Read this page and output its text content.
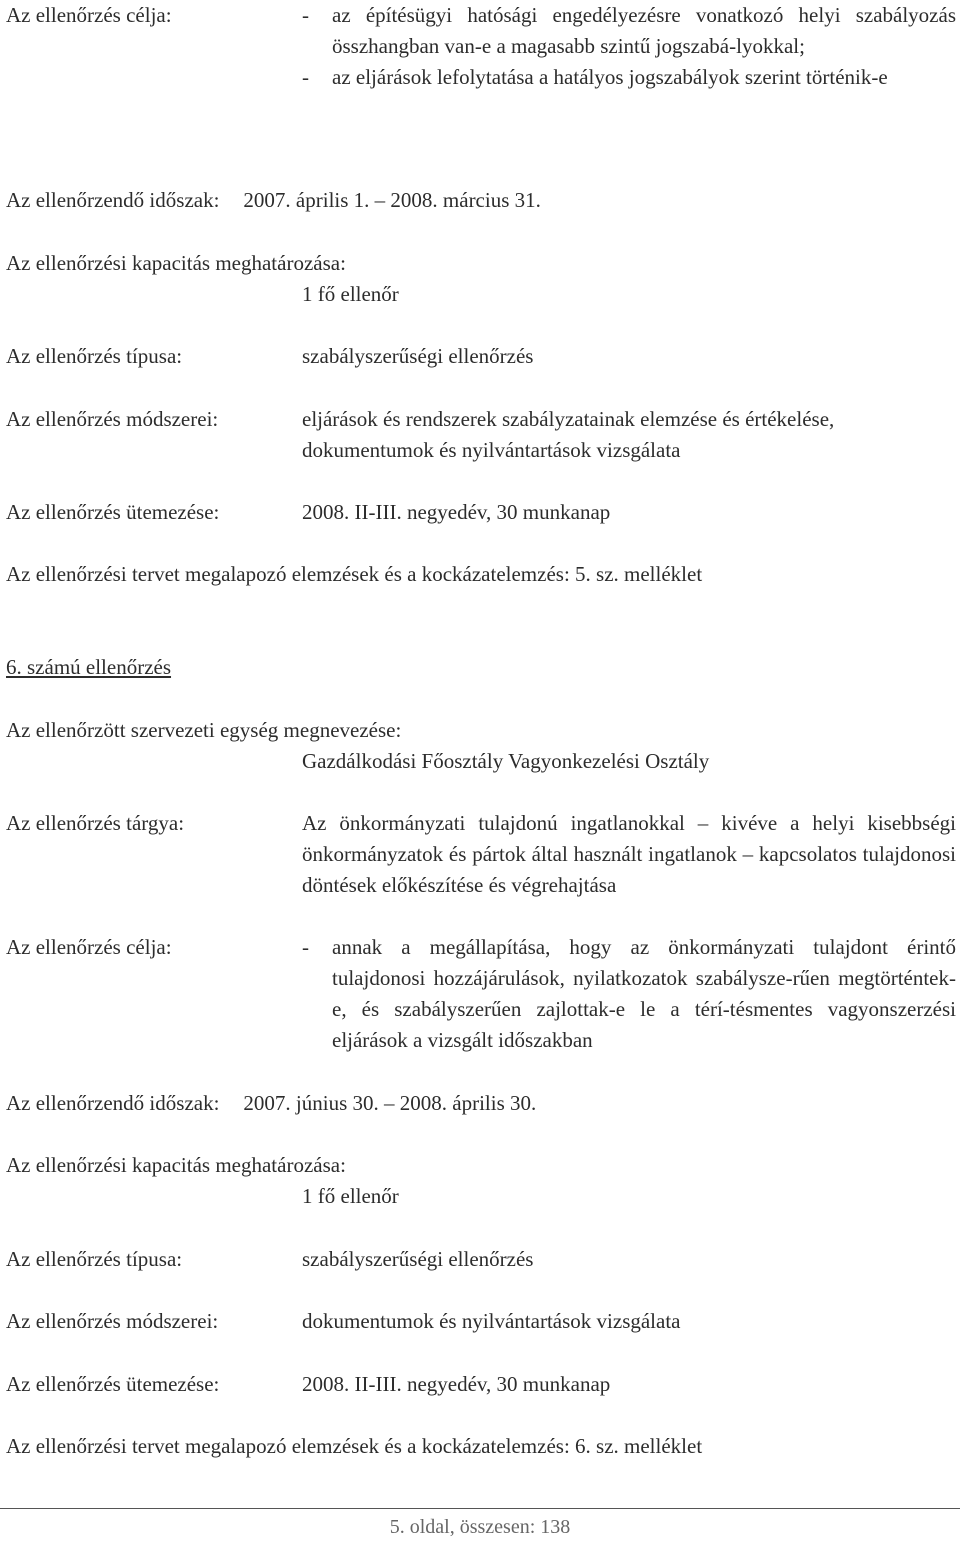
Az ellenőrzés célja:	- az építésügyi hatósági engedélyezésre vonatkozó helyi szabályozás összhangban van-e a magasabb szintű jogszabá-lyokkal;
- az eljárások lefolytatása a hatályos jogszabályok szerint történik-e
Az ellenőrzendő időszak: 2007. április 1. – 2008. március 31.
Az ellenőrzési kapacitás meghatározása:
1 fő ellenőr
Az ellenőrzés típusa:	szabályszerűségi ellenőrzés
Az ellenőrzés módszerei:	eljárások és rendszerek szabályzatainak elemzése és értékelése, dokumentumok és nyilvántartások vizsgálata
Az ellenőrzés ütemezése:	2008. II-III. negyedév, 30 munkanap
Az ellenőrzési tervet megalapozó elemzések és a kockázatelemzés: 5. sz. melléklet
6. számú ellenőrzés
Az ellenőrzött szervezeti egység megnevezése:
Gazdálkodási Főosztály Vagyonkezelési Osztály
Az ellenőrzés tárgya:	Az önkormányzati tulajdonú ingatlanokkal – kivéve a helyi kisebbségi önkormányzatok és pártok által használt ingatlanok – kapcsolatos tulajdonosi döntések előkészítése és végrehajtása
Az ellenőrzés célja:	- annak a megállapítása, hogy az önkormányzati tulajdont érintő tulajdonosi hozzájárulások, nyilatkozatok szabálysze-rűen megtörténtek-e, és szabályszerűen zajlottak-e le a térí-tésmentes vagyonszerzési eljárások a vizsgált időszakban
Az ellenőrzendő időszak: 2007. június 30. – 2008. április 30.
Az ellenőrzési kapacitás meghatározása:
1 fő ellenőr
Az ellenőrzés típusa:	szabályszerűségi ellenőrzés
Az ellenőrzés módszerei:	dokumentumok és nyilvántartások vizsgálata
Az ellenőrzés ütemezése:	2008. II-III. negyedév, 30 munkanap
Az ellenőrzési tervet megalapozó elemzések és a kockázatelemzés: 6. sz. melléklet
5. oldal, összesen: 138
